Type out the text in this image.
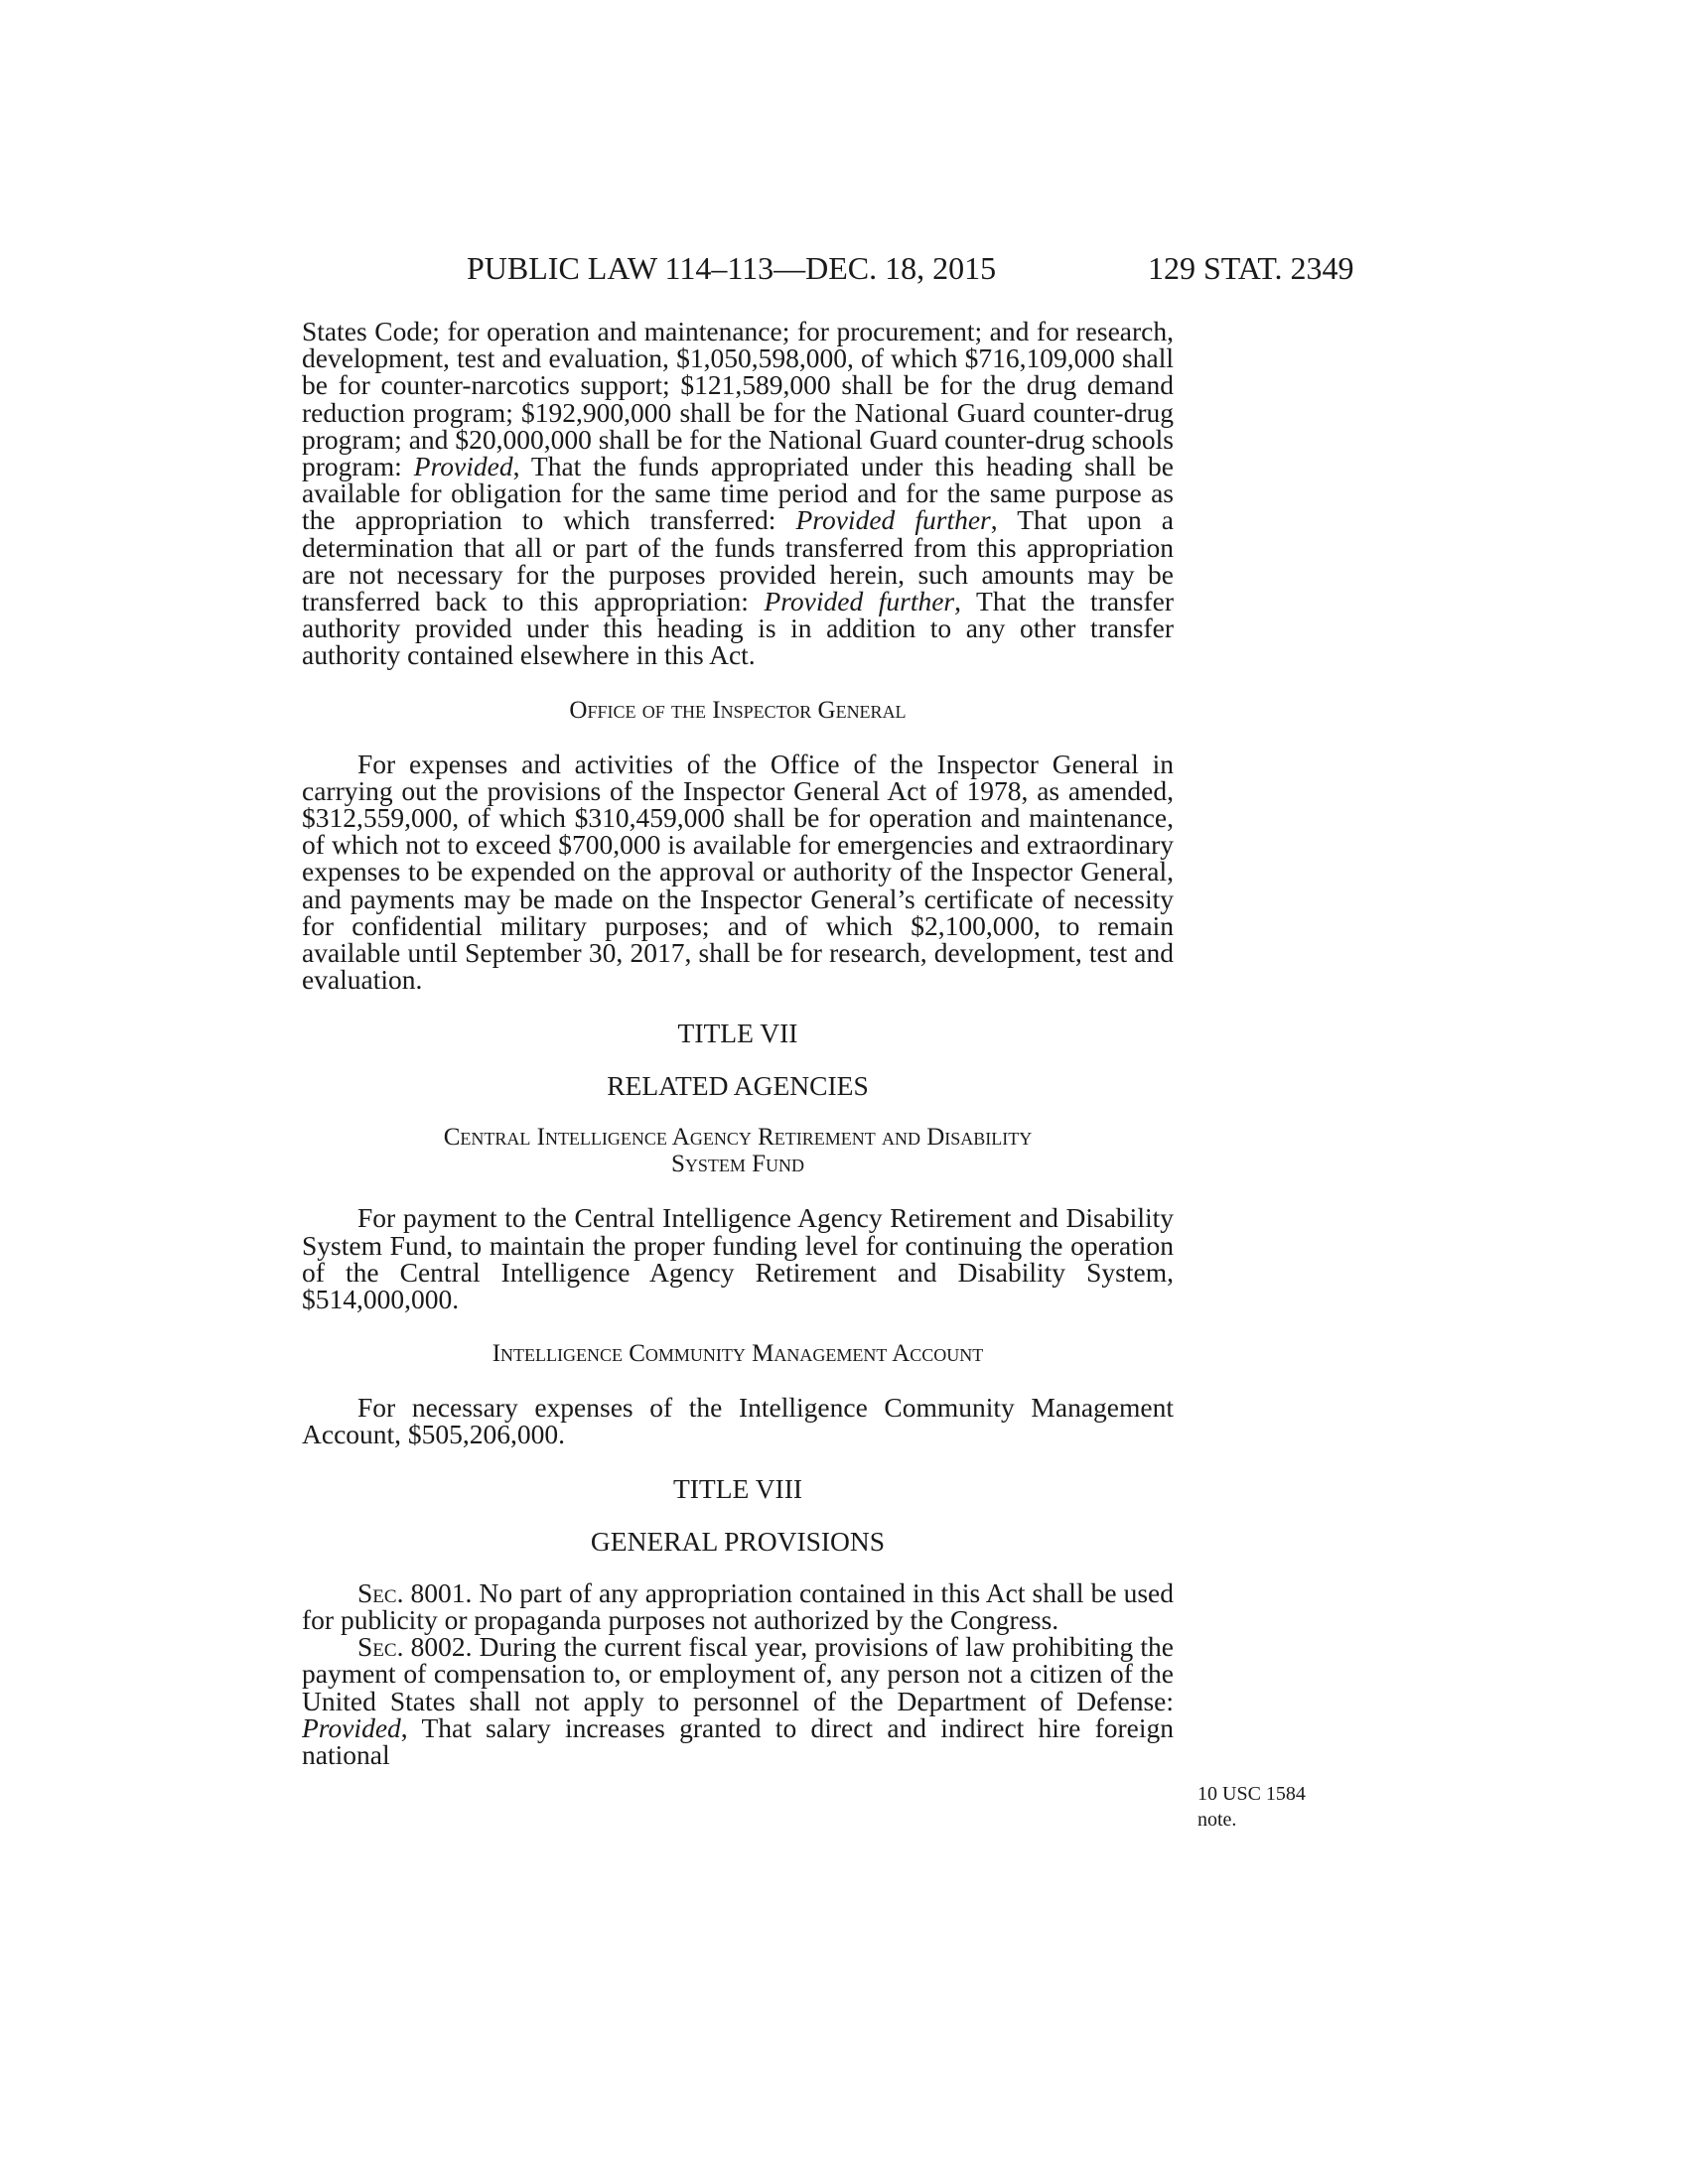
PUBLIC LAW 114–113—DEC. 18, 2015	129 STAT. 2349

States Code; for operation and maintenance; for procurement; and for research, development, test and evaluation, $1,050,598,000, of which $716,109,000 shall be for counter-narcotics support; $121,589,000 shall be for the drug demand reduction program; $192,900,000 shall be for the National Guard counter-drug program; and $20,000,000 shall be for the National Guard counter-drug schools program: Provided, That the funds appropriated under this heading shall be available for obligation for the same time period and for the same purpose as the appropriation to which transferred: Provided further, That upon a determination that all or part of the funds transferred from this appropriation are not necessary for the purposes provided herein, such amounts may be transferred back to this appropriation: Provided further, That the transfer authority provided under this heading is in addition to any other transfer authority contained elsewhere in this Act.

Office of the Inspector General

For expenses and activities of the Office of the Inspector General in carrying out the provisions of the Inspector General Act of 1978, as amended, $312,559,000, of which $310,459,000 shall be for operation and maintenance, of which not to exceed $700,000 is available for emergencies and extraordinary expenses to be expended on the approval or authority of the Inspector General, and payments may be made on the Inspector General’s certificate of necessity for confidential military purposes; and of which $2,100,000, to remain available until September 30, 2017, shall be for research, development, test and evaluation.

TITLE VII
RELATED AGENCIES
Central Intelligence Agency Retirement and Disability
System Fund

For payment to the Central Intelligence Agency Retirement and Disability System Fund, to maintain the proper funding level for continuing the operation of the Central Intelligence Agency Retirement and Disability System, $514,000,000.

Intelligence Community Management Account

For necessary expenses of the Intelligence Community Management Account, $505,206,000.

TITLE VIII
GENERAL PROVISIONS

Sec. 8001. No part of any appropriation contained in this Act shall be used for publicity or propaganda purposes not authorized by the Congress.

Sec. 8002. During the current fiscal year, provisions of law prohibiting the payment of compensation to, or employment of, any person not a citizen of the United States shall not apply to personnel of the Department of Defense: Provided, That salary increases granted to direct and indirect hire foreign national

10 USC 1584
note.
